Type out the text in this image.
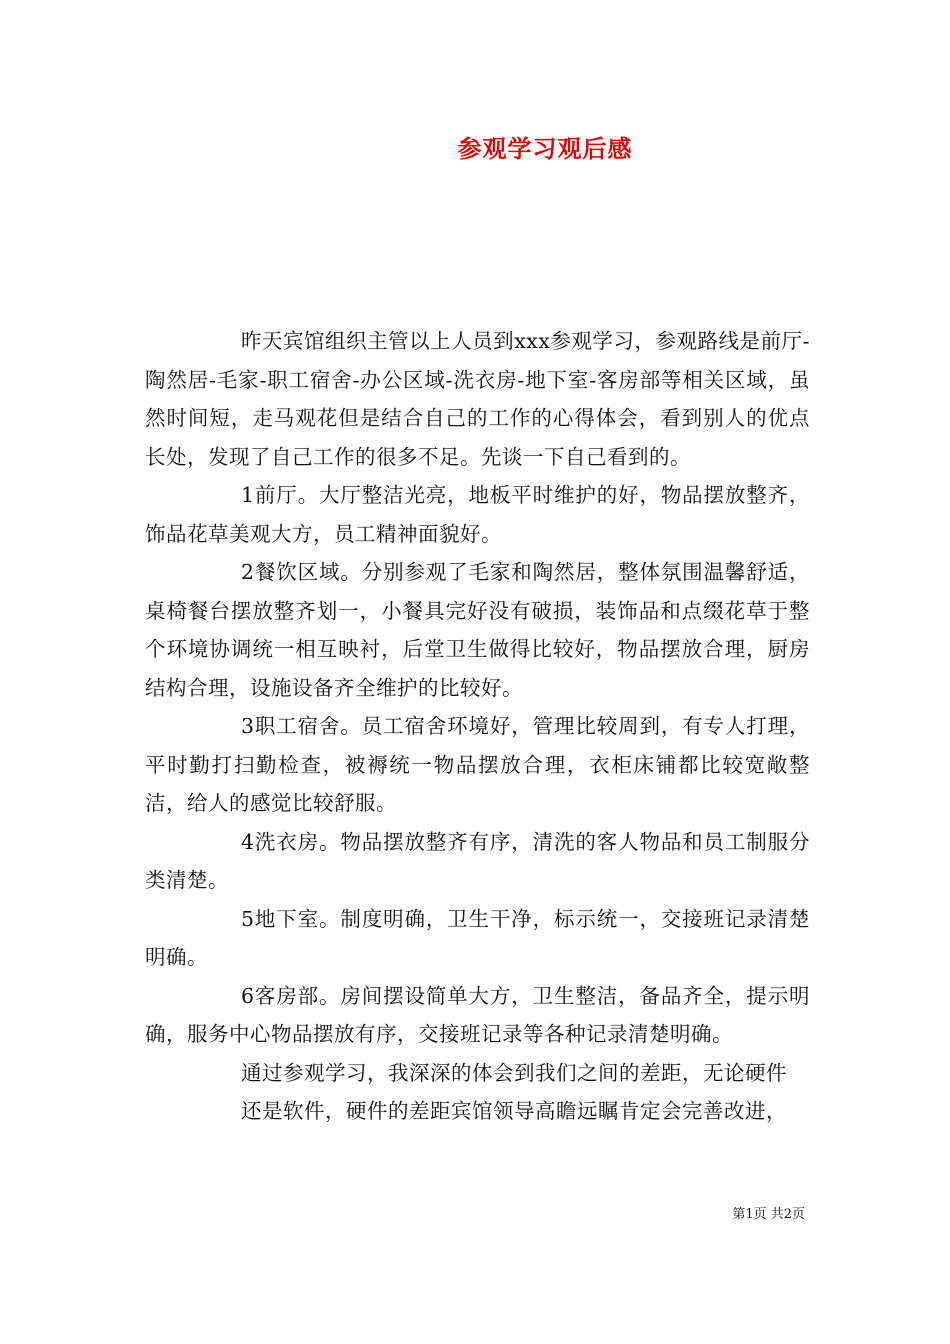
参观学习观后感

昨天宾馆组织主管以上人员到xxx参观学习，参观路线是前厅-陶然居-毛家-职工宿舍-办公区域-洗衣房-地下室-客房部等相关区域，虽然时间短，走马观花但是结合自己的工作的心得体会，看到别人的优点长处，发现了自己工作的很多不足。先谈一下自己看到的。

1前厅。大厅整洁光亮，地板平时维护的好，物品摆放整齐，饰品花草美观大方，员工精神面貌好。

2餐饮区域。分别参观了毛家和陶然居，整体氛围温馨舒适，桌椅餐台摆放整齐划一，小餐具完好没有破损，装饰品和点缀花草于整个环境协调统一相互映衬，后堂卫生做得比较好，物品摆放合理，厨房结构合理，设施设备齐全维护的比较好。

3职工宿舍。员工宿舍环境好，管理比较周到，有专人打理，平时勤打扫勤检查，被褥统一物品摆放合理，衣柜床铺都比较宽敞整洁，给人的感觉比较舒服。

4洗衣房。物品摆放整齐有序，清洗的客人物品和员工制服分类清楚。

5地下室。制度明确，卫生干净，标示统一，交接班记录清楚明确。

6客房部。房间摆设简单大方，卫生整洁，备品齐全，提示明确，服务中心物品摆放有序，交接班记录等各种记录清楚明确。

通过参观学习，我深深的体会到我们之间的差距，无论硬件

还是软件，硬件的差距宾馆领导高瞻远瞩肯定会完善改进，

第1页 共2页
